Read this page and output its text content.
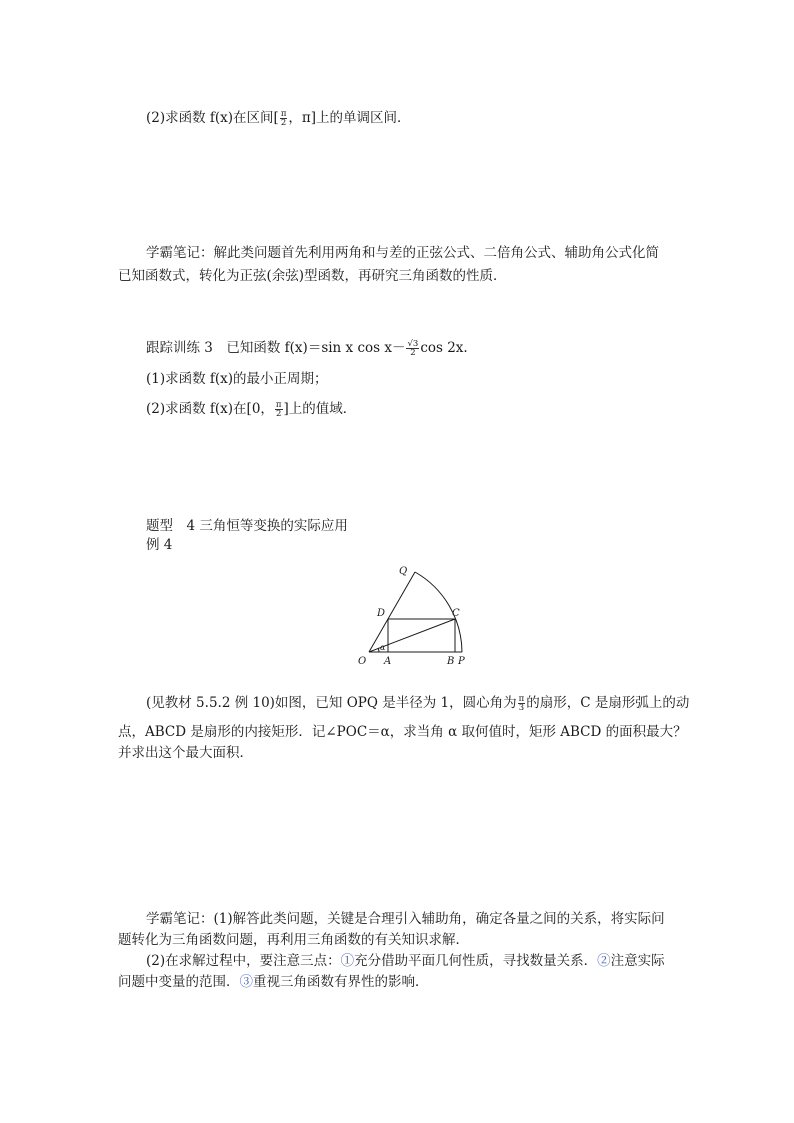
(2)求函数 f(x)在区间[ $\frac{\pi}{2}$ ，π]上的单调区间．
学霸笔记：解此类问题首先利用两角和与差的正弦公式、二倍角公式、辅助角公式化简
已知函数式，转化为正弦(余弦)型函数，再研究三角函数的性质．
跟踪训练 3　已知函数 f(x)＝sin x $\cos x- \frac{√3}{2}$ cos 2x.
(1)求函数 f(x)的最小正周期；
(2)求函数 f(x)在[0， $\frac{\pi}{2}$ ]上的值域．
题型　4 三角恒等变换的实际应用
例 4
Q
D	C
O A	B P
α
(见教材 5.5.2 例 10)如图，已知 OPQ 是半径为 1，圆心角为 $\frac{\pi}{3}$ 的扇形，C 是扇形弧上的动
点，ABCD 是扇形的内接矩形．记∠POC＝α，求当角 α 取何值时，矩形 ABCD 的面积最大？
并求出这个最大面积．
学霸笔记：(1)解答此类问题，关键是合理引入辅助角，确定各量之间的关系，将实际问
题转化为三角函数问题，再利用三角函数的有关知识求解．
(2)在求解过程中，要注意三点：①充分借助平面几何性质，寻找数量关系．②注意实际
问题中变量的范围．③重视三角函数有界性的影响．
